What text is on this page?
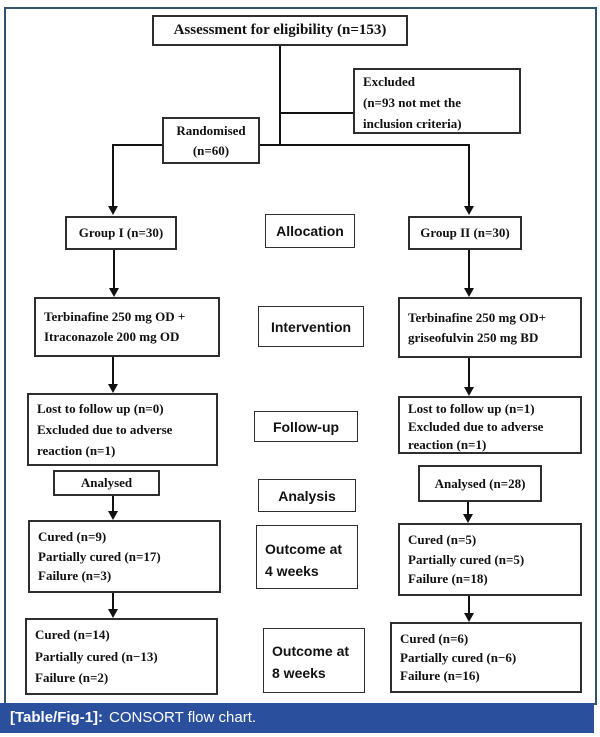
Assessment for eligibility (n=153)
Excluded
(n=93 not met the
inclusion criteria)
Randomised
(n=60)
Group I (n=30)	Allocation	Group II (n=30)
Terbinafine 250 mg OD +
Itraconazole 200 mg OD
Intervention
Terbinafine 250 mg OD+
griseofulvin 250 mg BD
Lost to follow up (n=0)
Excluded due to adverse
reaction (n=1)
Follow-up
Lost to follow up (n=1)
Excluded due to adverse
reaction (n=1)
Analysed
Analysis
Analysed (n=28)
Cured (n=9)
Partially cured (n=17)
Failure (n=3)
Outcome at
4 weeks
Cured (n=5)
Partially cured (n=5)
Failure (n=18)
Cured (n=14)
Partially cured (n−13)
Failure (n=2)
Outcome at
8 weeks
Cured (n=6)
Partially cured (n−6)
Failure (n=16)
[Table/Fig-1]: CONSORT flow chart.
